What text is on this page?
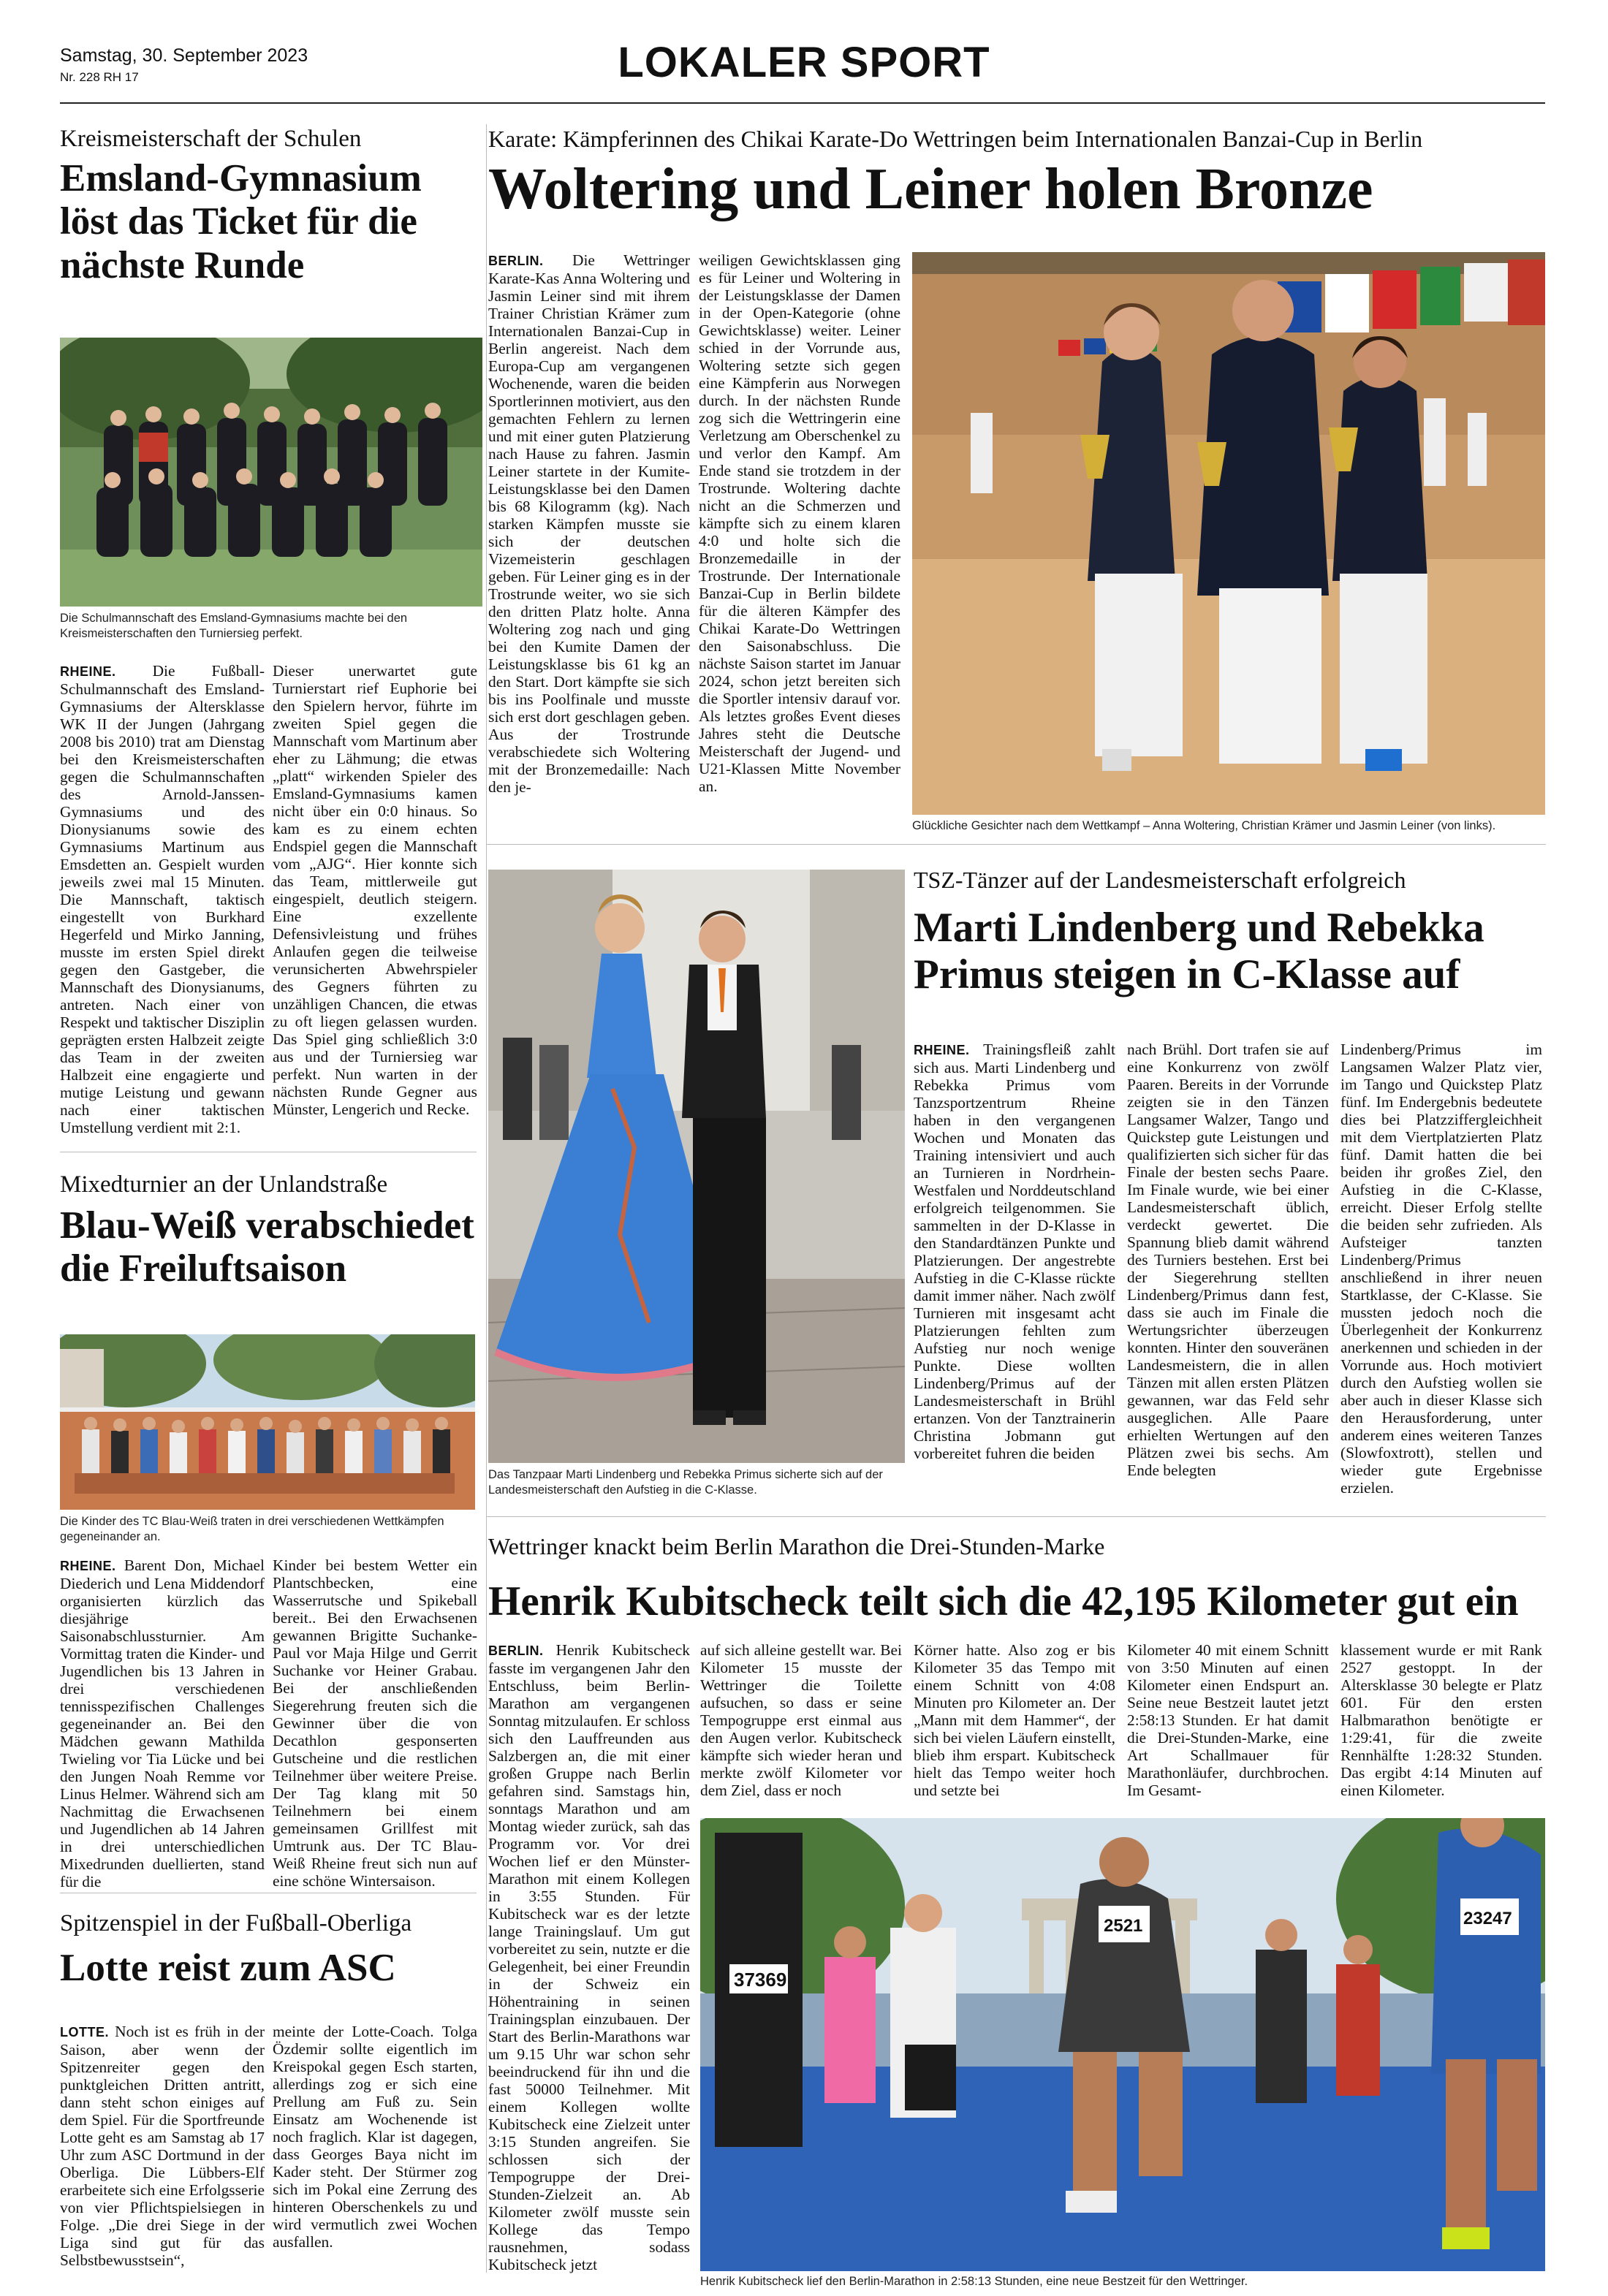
Samstag, 30. September 2023
Nr. 228 RH 17	LOKALER SPORT
Kreismeisterschaft der Schulen
Emsland-Gymnasium löst das Ticket für die nächste Runde
Die Schulmannschaft des Emsland-Gymnasiums machte bei den Kreismeisterschaften den Turniersieg perfekt.
RHEINE. Die Fußball-Schulmannschaft des Emsland-Gymnasiums der Altersklasse WK II der Jungen (Jahrgang 2008 bis 2010) trat am Dienstag bei den Kreismeisterschaften gegen die Schulmannschaften des Arnold-Janssen-Gymnasiums und des Dionysianums sowie des Gymnasiums Martinum aus Emsdetten an. Gespielt wurden jeweils zwei mal 15 Minuten. Die Mannschaft, taktisch eingestellt von Burkhard Hegerfeld und Mirko Janning, musste im ersten Spiel direkt gegen den Gastgeber, die Mannschaft des Dionysianums, antreten. Nach einer von Respekt und taktischer Disziplin geprägten ersten Halbzeit zeigte das Team in der zweiten Halbzeit eine engagierte und mutige Leistung und gewann nach einer taktischen Umstellung verdient mit 2:1.
Dieser unerwartet gute Turnierstart rief Euphorie bei den Spielern hervor, führte im zweiten Spiel gegen die Mannschaft vom Martinum aber eher zu Lähmung; die etwas „platt“ wirkenden Spieler des Emsland-Gymnasiums kamen nicht über ein 0:0 hinaus. So kam es zu einem echten Endspiel gegen die Mannschaft vom „AJG“. Hier konnte sich das Team, mittlerweile gut eingespielt, deutlich steigern. Eine exzellente Defensivleistung und frühes Anlaufen gegen die teilweise verunsicherten Abwehrspieler des Gegners führten zu unzähligen Chancen, die etwas zu oft liegen gelassen wurden. Das Spiel ging schließlich 3:0 aus und der Turniersieg war perfekt. Nun warten in der nächsten Runde Gegner aus Münster, Lengerich und Recke.
Mixedturnier an der Unlandstraße
Blau-Weiß verabschiedet die Freiluftsaison
Die Kinder des TC Blau-Weiß traten in drei verschiedenen Wettkämpfen gegeneinander an.
RHEINE. Barent Don, Michael Diederich und Lena Middendorf organisierten kürzlich das diesjährige Saisonabschlussturnier. Am Vormittag traten die Kinder- und Jugendlichen bis 13 Jahren in drei verschiedenen tennisspezifischen Challenges gegeneinander an. Bei den Mädchen gewann Mathilda Twieling vor Tia Lücke und bei den Jungen Noah Remme vor Linus Helmer. Während sich am Nachmittag die Erwachsenen und Jugendlichen ab 14 Jahren in drei unterschiedlichen Mixedrunden duellierten, stand für die
Kinder bei bestem Wetter ein Plantschbecken, eine Wasserrutsche und Spikeball bereit.. Bei den Erwachsenen gewannen Brigitte Suchanke-Paul vor Maja Hilge und Gerrit Suchanke vor Heiner Grabau. Bei der anschließenden Siegerehrung freuten sich die Gewinner über die von Decathlon gesponserten Gutscheine und die restlichen Teilnehmer über weitere Preise. Der Tag klang mit 50 Teilnehmern bei einem gemeinsamen Grillfest mit Umtrunk aus. Der TC Blau-Weiß Rheine freut sich nun auf eine schöne Wintersaison.
Spitzenspiel in der Fußball-Oberliga
Lotte reist zum ASC
LOTTE. Noch ist es früh in der Saison, aber wenn der Spitzenreiter gegen den punktgleichen Dritten antritt, dann steht schon einiges auf dem Spiel. Für die Sportfreunde Lotte geht es am Samstag ab 17 Uhr zum ASC Dortmund in der Oberliga. Die Lübbers-Elf erarbeitete sich eine Erfolgsserie von vier Pflichtspielsiegen in Folge. „Die drei Siege in der Liga sind gut für das Selbstbewusstsein“,
meinte der Lotte-Coach. Tolga Özdemir sollte eigentlich im Kreispokal gegen Esch starten, allerdings zog er sich eine Prellung am Fuß zu. Sein Einsatz am Wochenende ist noch fraglich. Klar ist dagegen, dass Georges Baya nicht im Kader steht. Der Stürmer zog sich im Pokal eine Zerrung des hinteren Oberschenkels zu und wird vermutlich zwei Wochen ausfallen.
Karate: Kämpferinnen des Chikai Karate-Do Wettringen beim Internationalen Banzai-Cup in Berlin
Woltering und Leiner holen Bronze
BERLIN. Die Wettringer Karate-Kas Anna Woltering und Jasmin Leiner sind mit ihrem Trainer Christian Krämer zum Internationalen Banzai-Cup in Berlin angereist. Nach dem Europa-Cup am vergangenen Wochenende, waren die beiden Sportlerinnen motiviert, aus den gemachten Fehlern zu lernen und mit einer guten Platzierung nach Hause zu fahren. Jasmin Leiner startete in der Kumite-Leistungsklasse bei den Damen bis 68 Kilogramm (kg). Nach starken Kämpfen musste sie sich der deutschen Vizemeisterin geschlagen geben. Für Leiner ging es in der Trostrunde weiter, wo sie sich den dritten Platz holte. Anna Woltering zog nach und ging bei den Kumite Damen der Leistungsklasse bis 61 kg an den Start. Dort kämpfte sie sich bis ins Poolfinale und musste sich erst dort geschlagen geben. Aus der Trostrunde verabschiedete sich Woltering mit der Bronzemedaille: Nach den je-
weiligen Gewichtsklassen ging es für Leiner und Woltering in der Leistungsklasse der Damen in der Open-Kategorie (ohne Gewichtsklasse) weiter. Leiner schied in der Vorrunde aus, Woltering setzte sich gegen eine Kämpferin aus Norwegen durch. In der nächsten Runde zog sich die Wettringerin eine Verletzung am Oberschenkel zu und verlor den Kampf. Am Ende stand sie trotzdem in der Trostrunde. Woltering dachte nicht an die Schmerzen und kämpfte sich zu einem klaren 4:0 und holte sich die Bronzemedaille in der Trostrunde. Der Internationale Banzai-Cup in Berlin bildete für die älteren Kämpfer des Chikai Karate-Do Wettringen den Saisonabschluss. Die nächste Saison startet im Januar 2024, schon jetzt bereiten sich die Sportler intensiv darauf vor. Als letztes großes Event dieses Jahres steht die Deutsche Meisterschaft der Jugend- und U21-Klassen Mitte November an.
Glückliche Gesichter nach dem Wettkampf – Anna Woltering, Christian Krämer und Jasmin Leiner (von links).
Das Tanzpaar Marti Lindenberg und Rebekka Primus sicherte sich auf der Landesmeisterschaft den Aufstieg in die C-Klasse.
TSZ-Tänzer auf der Landesmeisterschaft erfolgreich
Marti Lindenberg und Rebekka Primus steigen in C-Klasse auf
RHEINE. Trainingsfleiß zahlt sich aus. Marti Lindenberg und Rebekka Primus vom Tanzsportzentrum Rheine haben in den vergangenen Wochen und Monaten das Training intensiviert und auch an Turnieren in Nordrhein-Westfalen und Norddeutschland erfolgreich teilgenommen. Sie sammelten in der D-Klasse in den Standardtänzen Punkte und Platzierungen. Der angestrebte Aufstieg in die C-Klasse rückte damit immer näher. Nach zwölf Turnieren mit insgesamt acht Platzierungen fehlten zum Aufstieg nur noch wenige Punkte. Diese wollten Lindenberg/Primus auf der Landesmeisterschaft in Brühl ertanzen. Von der Tanztrainerin Christina Jobmann gut vorbereitet fuhren die beiden
nach Brühl. Dort trafen sie auf eine Konkurrenz von zwölf Paaren. Bereits in der Vorrunde zeigten sie in den Tänzen Langsamer Walzer, Tango und Quickstep gute Leistungen und qualifizierten sich sicher für das Finale der besten sechs Paare. Im Finale wurde, wie bei einer Landesmeisterschaft üblich, verdeckt gewertet. Die Spannung blieb damit während des Turniers bestehen. Erst bei der Siegerehrung stellten Lindenberg/Primus dann fest, dass sie auch im Finale die Wertungsrichter überzeugen konnten. Hinter den souveränen Landesmeistern, die in allen Tänzen mit allen ersten Plätzen gewannen, war das Feld sehr ausgeglichen. Alle Paare erhielten Wertungen auf den Plätzen zwei bis sechs. Am Ende belegten
Lindenberg/Primus im Langsamen Walzer Platz vier, im Tango und Quickstep Platz fünf. Im Endergebnis bedeutete dies bei Platzziffergleichheit mit dem Viertplatzierten Platz fünf. Damit hatten die bei beiden ihr großes Ziel, den Aufstieg in die C-Klasse, erreicht. Dieser Erfolg stellte die beiden sehr zufrieden. Als Aufsteiger tanzten Lindenberg/Primus anschließend in ihrer neuen Startklasse, der C-Klasse. Sie mussten jedoch noch die Überlegenheit der Konkurrenz anerkennen und schieden in der Vorrunde aus. Hoch motiviert durch den Aufstieg wollen sie aber auch in dieser Klasse sich den Herausforderung, unter anderem eines weiteren Tanzes (Slowfoxtrott), stellen und wieder gute Ergebnisse erzielen.
Wettringer knackt beim Berlin Marathon die Drei-Stunden-Marke
Henrik Kubitscheck teilt sich die 42,195 Kilometer gut ein
BERLIN. Henrik Kubitscheck fasste im vergangenen Jahr den Entschluss, beim Berlin-Marathon am vergangenen Sonntag mitzulaufen. Er schloss sich den Lauffreunden aus Salzbergen an, die mit einer großen Gruppe nach Berlin gefahren sind. Samstags hin, sonntags Marathon und am Montag wieder zurück, sah das Programm vor. Vor drei Wochen lief er den Münster-Marathon mit einem Kollegen in 3:55 Stunden. Für Kubitscheck war es der letzte lange Trainingslauf. Um gut vorbereitet zu sein, nutzte er die Gelegenheit, bei einer Freundin in der Schweiz ein Höhentraining in seinen Trainingsplan einzubauen. Der Start des Berlin-Marathons war um 9.15 Uhr war schon sehr beeindruckend für ihn und die fast 50000 Teilnehmer. Mit einem Kollegen wollte Kubitscheck eine Zielzeit unter 3:15 Stunden angreifen. Sie schlossen sich der Tempogruppe der Drei-Stunden-Zielzeit an. Ab Kilometer zwölf musste sein Kollege das Tempo rausnehmen, sodass Kubitscheck jetzt
auf sich alleine gestellt war. Bei Kilometer 15 musste der Wettringer die Toilette aufsuchen, so dass er seine Tempogruppe erst einmal aus den Augen verlor. Kubitscheck kämpfte sich wieder heran und merkte zwölf Kilometer vor dem Ziel, dass er noch
Körner hatte. Also zog er bis Kilometer 35 das Tempo mit einem Schnitt von 4:08 Minuten pro Kilometer an. Der „Mann mit dem Hammer“, der sich bei vielen Läufern einstellt, blieb ihm erspart. Kubitscheck hielt das Tempo weiter hoch und setzte bei
Kilometer 40 mit einem Schnitt von 3:50 Minuten auf einen Kilometer einen Endspurt an. Seine neue Bestzeit lautet jetzt 2:58:13 Stunden. Er hat damit die Drei-Stunden-Marke, eine Art Schallmauer für Marathonläufer, durchbrochen. Im Gesamt-
klassement wurde er mit Rank 2527 gestoppt. In der Altersklasse 30 belegte er Platz 601. Für den ersten Halbmarathon benötigte er 1:29:41, für die zweite Rennhälfte 1:28:32 Stunden. Das ergibt 4:14 Minuten auf einen Kilometer.
37369
2521	23247
Henrik Kubitscheck lief den Berlin-Marathon in 2:58:13 Stunden, eine neue Bestzeit für den Wettringer.
